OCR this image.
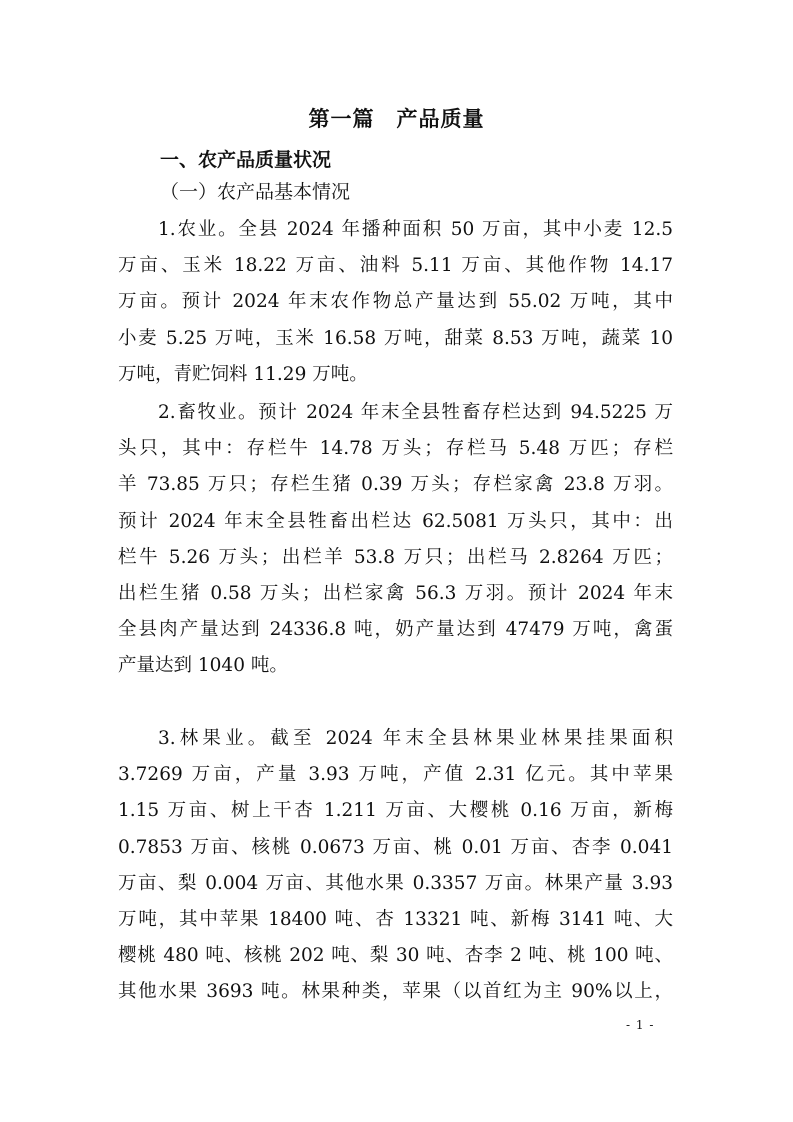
第一篇　产品质量
一、农产品质量状况
（一）农产品基本情况
1.农业。全县 2024 年播种面积 50 万亩，其中小麦 12.5
万亩、玉米 18.22 万亩、油料 5.11 万亩、其他作物 14.17
万亩。预计 2024 年末农作物总产量达到 55.02 万吨，其中
小麦 5.25 万吨，玉米 16.58 万吨，甜菜 8.53 万吨，蔬菜 10
万吨，青贮饲料 11.29 万吨。
2.畜牧业。预计 2024 年末全县牲畜存栏达到 94.5225 万
头只，其中：存栏牛 14.78 万头；存栏马 5.48 万匹；存栏
羊 73.85 万只；存栏生猪 0.39 万头；存栏家禽 23.8 万羽。
预计 2024 年末全县牲畜出栏达 62.5081 万头只，其中：出
栏牛 5.26 万头；出栏羊 53.8 万只；出栏马 2.8264 万匹；
出栏生猪 0.58 万头；出栏家禽 56.3 万羽。预计 2024 年末
全县肉产量达到 24336.8 吨，奶产量达到 47479 万吨，禽蛋
产量达到 1040 吨。
3.林果业。截至 2024 年末全县林果业林果挂果面积
3.7269 万亩，产量 3.93 万吨，产值 2.31 亿元。其中苹果
1.15 万亩、树上干杏 1.211 万亩、大樱桃 0.16 万亩，新梅
0.7853 万亩、核桃 0.0673 万亩、桃 0.01 万亩、杏李 0.041
万亩、梨 0.004 万亩、其他水果 0.3357 万亩。林果产量 3.93
万吨，其中苹果 18400 吨、杏 13321 吨、新梅 3141 吨、大
樱桃 480 吨、核桃 202 吨、梨 30 吨、杏李 2 吨、桃 100 吨、
其他水果 3693 吨。林果种类，苹果（以首红为主 90%以上，
- 1 -
